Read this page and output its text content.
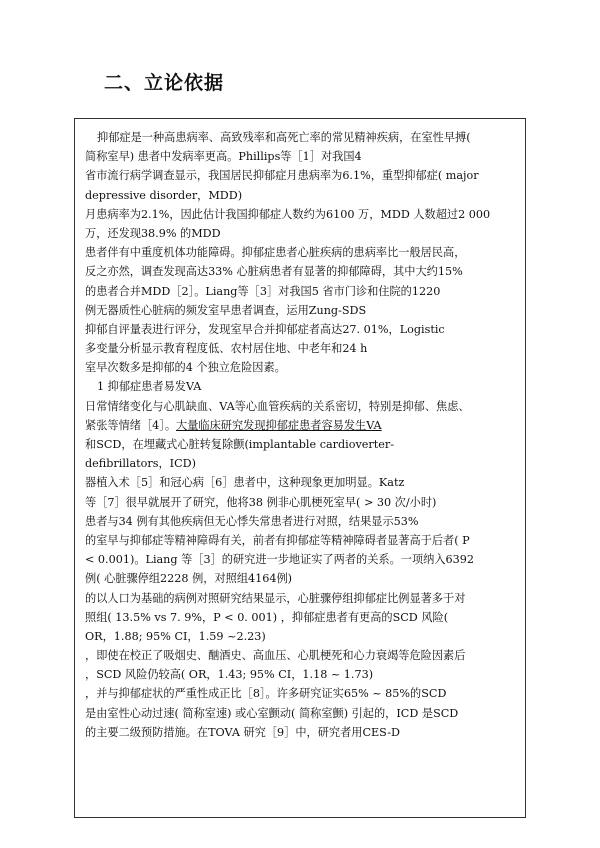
二、立论依据
抑郁症是一种高患病率、高致残率和高死亡率的常见精神疾病，在室性早搏(
简称室早) 患者中发病率更高。Phillips等［1］对我国4
省市流行病学调查显示，我国居民抑郁症月患病率为6.1%，重型抑郁症( major
depressive disorder，MDD)
月患病率为2.1%，因此估计我国抑郁症人数约为6100 万，MDD 人数超过2 000
万，还发现38.9% 的MDD
患者伴有中重度机体功能障碍。抑郁症患者心脏疾病的患病率比一般居民高，
反之亦然，调查发现高达33% 心脏病患者有显著的抑郁障碍，其中大约15%
的患者合并MDD［2］。Liang等［3］对我国5 省市门诊和住院的1220
例无器质性心脏病的频发室早患者调查，运用Zung-SDS
抑郁自评量表进行评分，发现室早合并抑郁症者高达27. 01%，Logistic
多变量分析显示教育程度低、农村居住地、中老年和24 h
室早次数多是抑郁的4 个独立危险因素。
1 抑郁症患者易发VA
日常情绪变化与心肌缺血、VA等心血管疾病的关系密切，特别是抑郁、焦虑、
紧张等情绪［4］。大量临床研究发现抑郁症患者容易发生VA
和SCD，在埋藏式心脏转复除颤(implantable cardioverter-
defibrillators，ICD)
器植入术［5］和冠心病［6］患者中，这种现象更加明显。Katz
等［7］很早就展开了研究，他将38 例非心肌梗死室早( > 30 次/小时)
患者与34 例有其他疾病但无心悸失常患者进行对照，结果显示53%
的室早与抑郁症等精神障碍有关，前者有抑郁症等精神障碍者显著高于后者( P
< 0.001)。Liang 等［3］的研究进一步地证实了两者的关系。一项纳入6392
例( 心脏骤停组2228 例，对照组4164例)
的以人口为基础的病例对照研究结果显示，心脏骤停组抑郁症比例显著多于对
照组( 13.5% vs 7. 9%，P < 0. 001) ，抑郁症患者有更高的SCD 风险(
OR，1.88; 95% CI，1.59 ~2.23)
，即使在校正了吸烟史、酗酒史、高血压、心肌梗死和心力衰竭等危险因素后
，SCD 风险仍较高( OR，1.43; 95% CI，1.18 ~ 1.73)
，并与抑郁症状的严重性成正比［8］。许多研究证实65% ~ 85%的SCD
是由室性心动过速( 简称室速) 或心室颤动( 简称室颤) 引起的，ICD 是SCD
的主要二级预防措施。在TOVA 研究［9］中，研究者用CES-D
